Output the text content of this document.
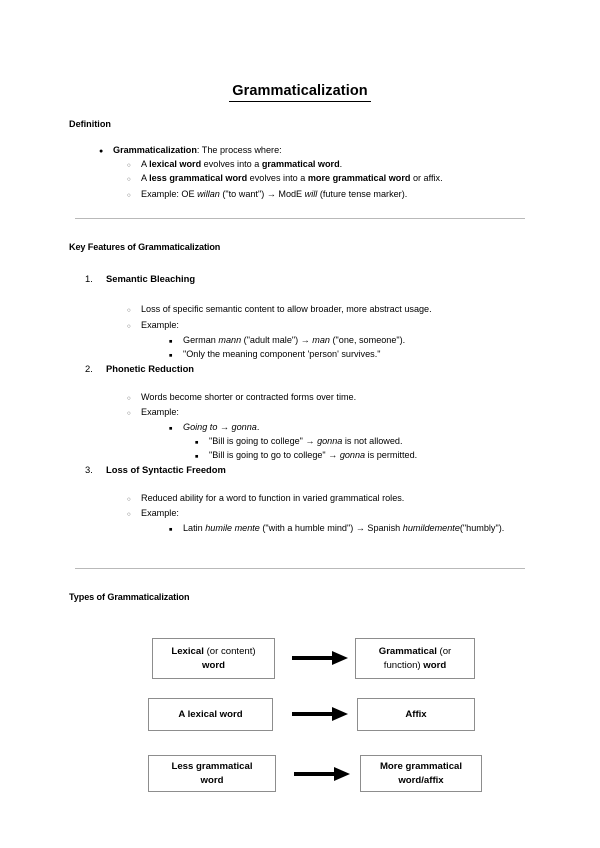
Grammaticalization
Definition
●
Grammaticalization: The process where:
○
A lexical word evolves into a grammatical word.
○
A less grammatical word evolves into a more grammatical word or affix.
○
Example: OE willan ("to want") → ModE will (future tense marker).
Key Features of Grammaticalization
1. Semantic Bleaching
○
Loss of specific semantic content to allow broader, more abstract usage.
○
Example:
■
German mann ("adult male") → man ("one, someone").
■
"Only the meaning component 'person' survives."
2. Phonetic Reduction
○
Words become shorter or contracted forms over time.
○
Example:
■
Going to → gonna.
■
"Bill is going to college" → gonna is not allowed.
■
"Bill is going to go to college" → gonna is permitted.
3. Loss of Syntactic Freedom
○
Reduced ability for a word to function in varied grammatical roles.
○
Example:
■
Latin humile mente ("with a humble mind") → Spanish humildemente("humbly").
Types of Grammaticalization
Lexical (or content)
word
Grammatical (or
function) word
A lexical word	Affix
Less grammatical
word
More grammatical
word/affix
